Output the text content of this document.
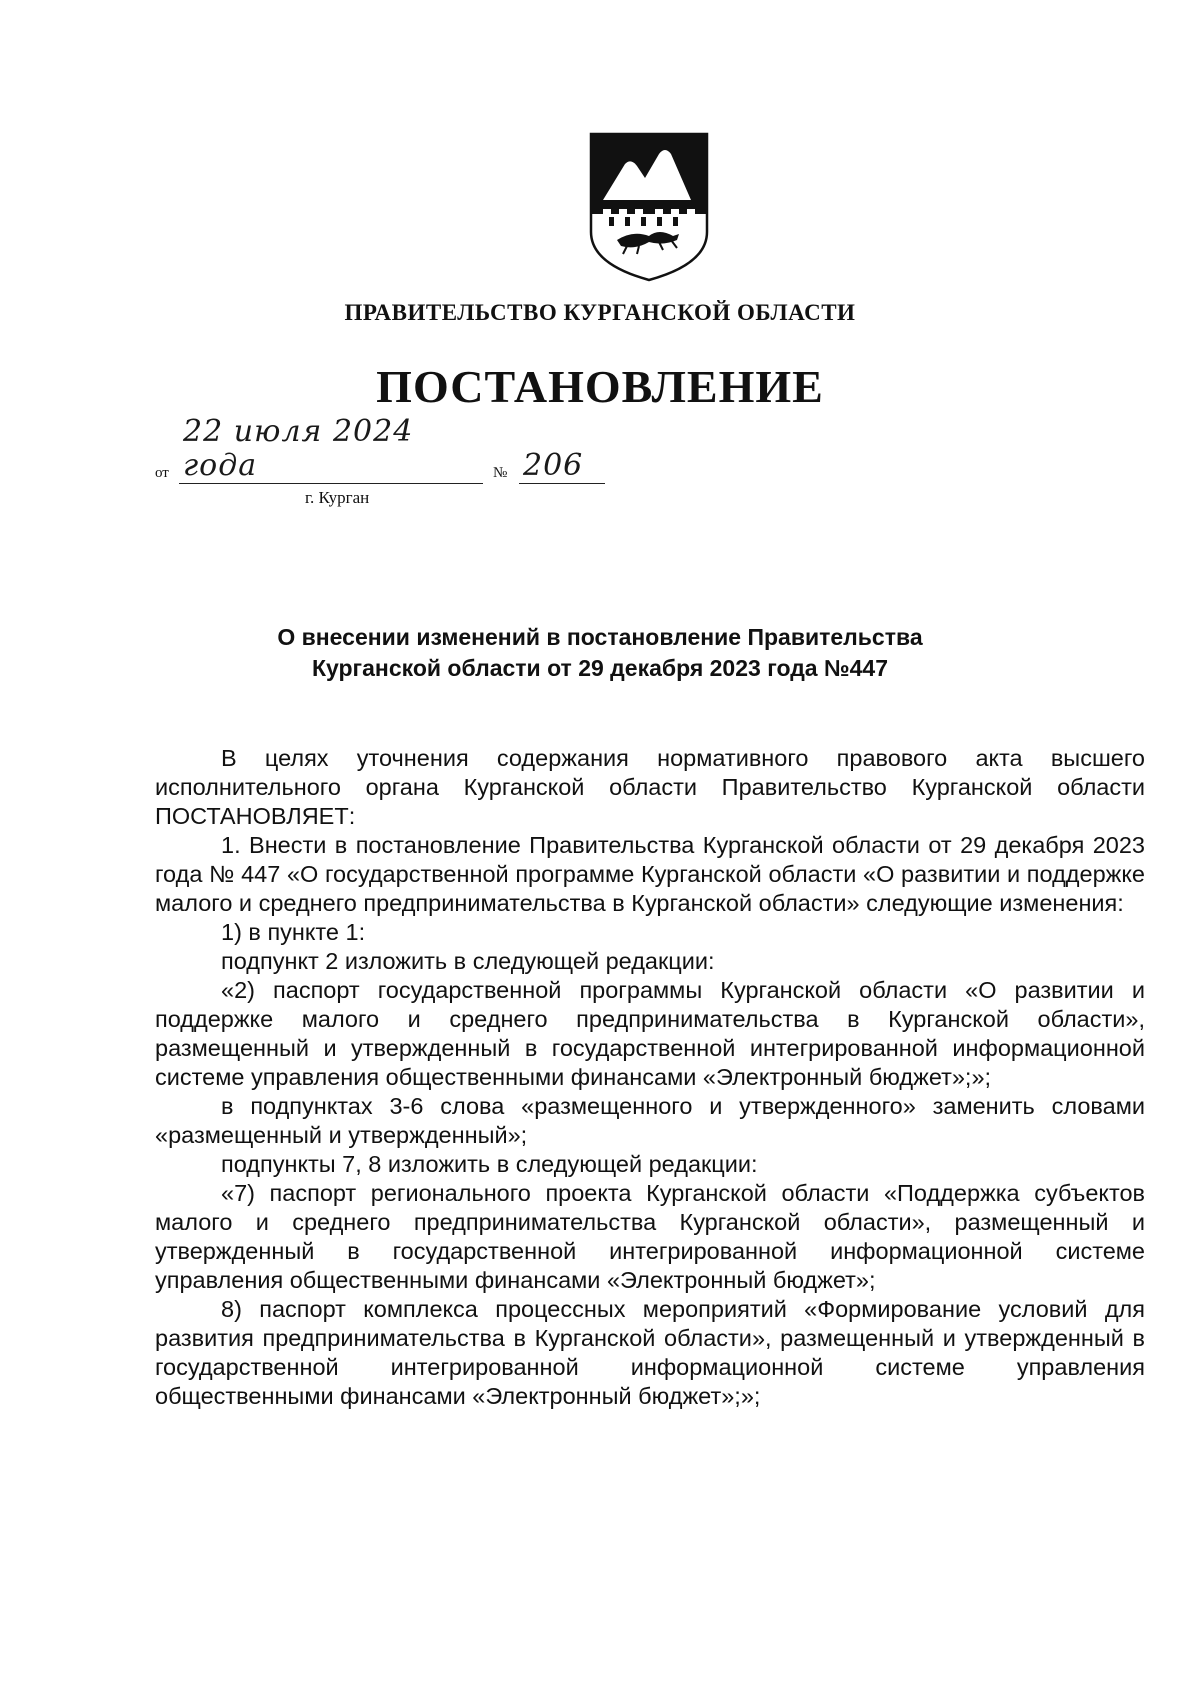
ПРАВИТЕЛЬСТВО КУРГАНСКОЙ ОБЛАСТИ
ПОСТАНОВЛЕНИЕ
от
22 июля 2024 года	№ 206
г. Курган
О внесении изменений в постановление Правительства
Курганской области от 29 декабря 2023 года №447

В целях уточнения содержания нормативного правового акта высшего исполнительного органа Курганской области Правительство Курганской области ПОСТАНОВЛЯЕТ:

1. Внести в постановление Правительства Курганской области от 29 декабря 2023 года № 447 «О государственной программе Курганской области «О развитии и поддержке малого и среднего предпринимательства в Курганской области» следующие изменения:

1) в пункте 1:

подпункт 2 изложить в следующей редакции:

«2) паспорт государственной программы Курганской области «О развитии и поддержке малого и среднего предпринимательства в Курганской области», размещенный и утвержденный в государственной интегрированной информационной системе управления общественными финансами «Электронный бюджет»;»;

в подпунктах 3-6 слова «размещенного и утвержденного» заменить словами «размещенный и утвержденный»;

подпункты 7, 8 изложить в следующей редакции:

«7) паспорт регионального проекта Курганской области «Поддержка субъектов малого и среднего предпринимательства Курганской области», размещенный и утвержденный в государственной интегрированной информационной системе управления общественными финансами «Электронный бюджет»;

8) паспорт комплекса процессных мероприятий «Формирование условий для развития предпринимательства в Курганской области», размещенный и утвержденный в государственной интегрированной информационной системе управления общественными финансами «Электронный бюджет»;»;
